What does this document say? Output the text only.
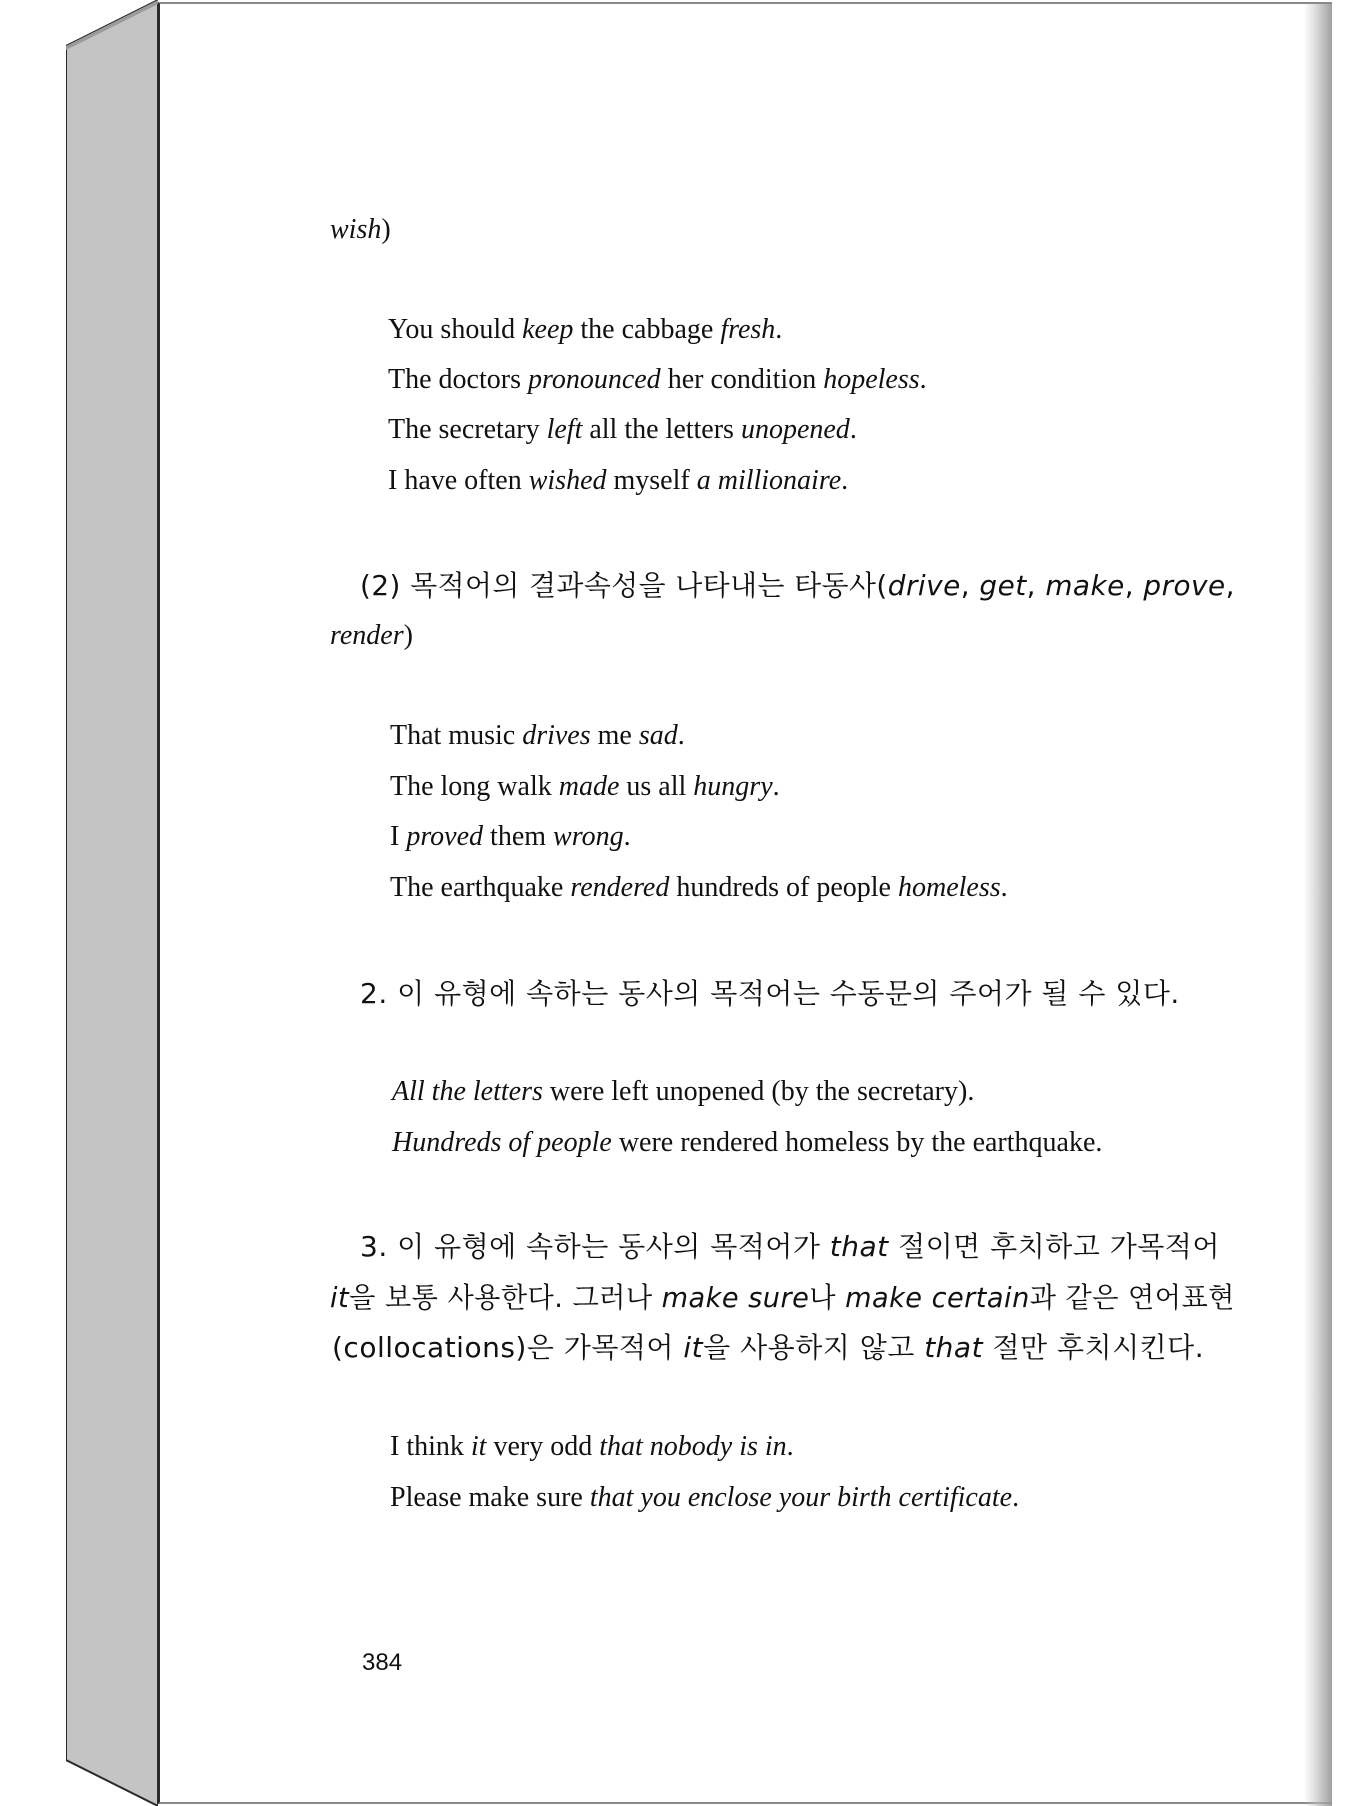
wish)
You should keep the cabbage fresh.
The doctors pronounced her condition hopeless.
The secretary left all the letters unopened.
I have often wished myself a millionaire.
(2) 목적어의 결과속성을 나타내는 타동사(drive, get, make, prove,
render)
That music drives me sad.
The long walk made us all hungry.
I proved them wrong.
The earthquake rendered hundreds of people homeless.
2. 이 유형에 속하는 동사의 목적어는 수동문의 주어가 될 수 있다.
All the letters were left unopened (by the secretary).
Hundreds of people were rendered homeless by the earthquake.
3. 이 유형에 속하는 동사의 목적어가 that 절이면 후치하고 가목적어
it을 보통 사용한다. 그러나 make sure나 make certain과 같은 연어표현
(collocations)은 가목적어 it을 사용하지 않고 that 절만 후치시킨다.
I think it very odd that nobody is in.
Please make sure that you enclose your birth certificate.
384
